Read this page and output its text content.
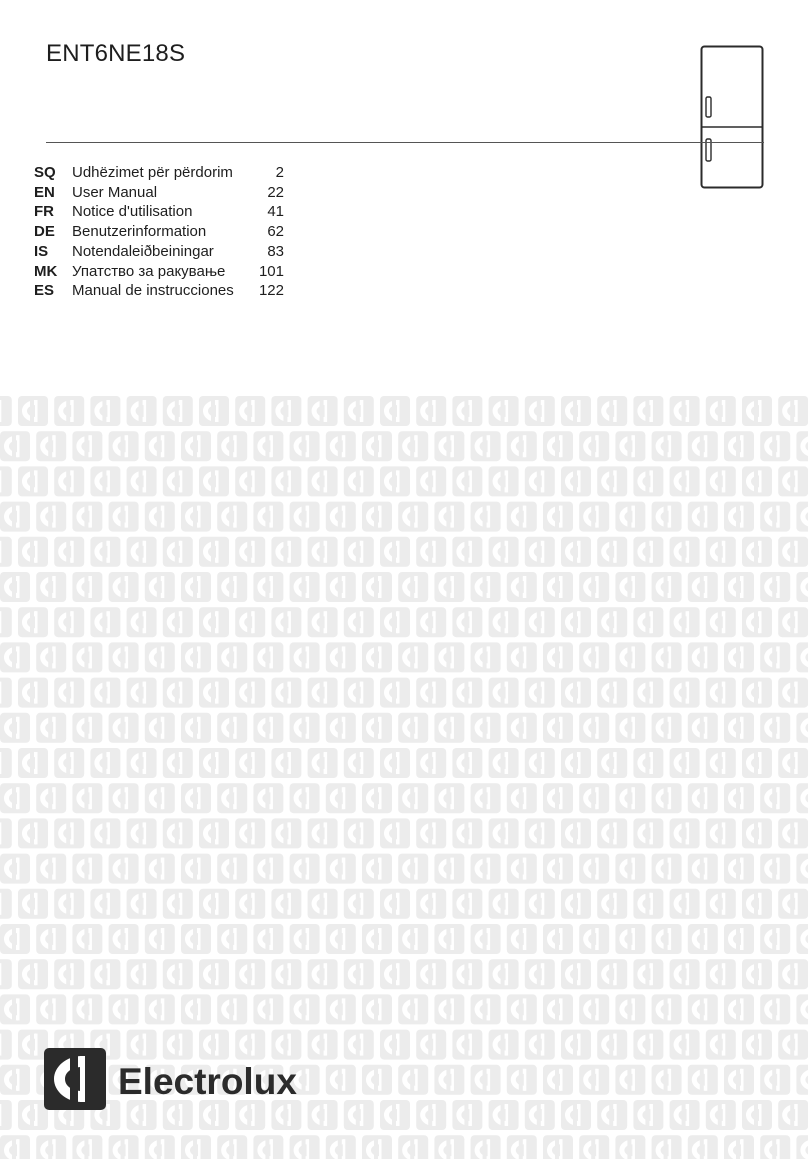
ENT6NE18S
SQ	Udhëzimet për përdorim	2
EN	User Manual	22
FR	Notice d'utilisation	41
DE	Benutzerinformation	62
IS	Notendaleiðbeiningar	83
MK	Упатство за ракување	101
ES	Manual de instrucciones	122
Electrolux
